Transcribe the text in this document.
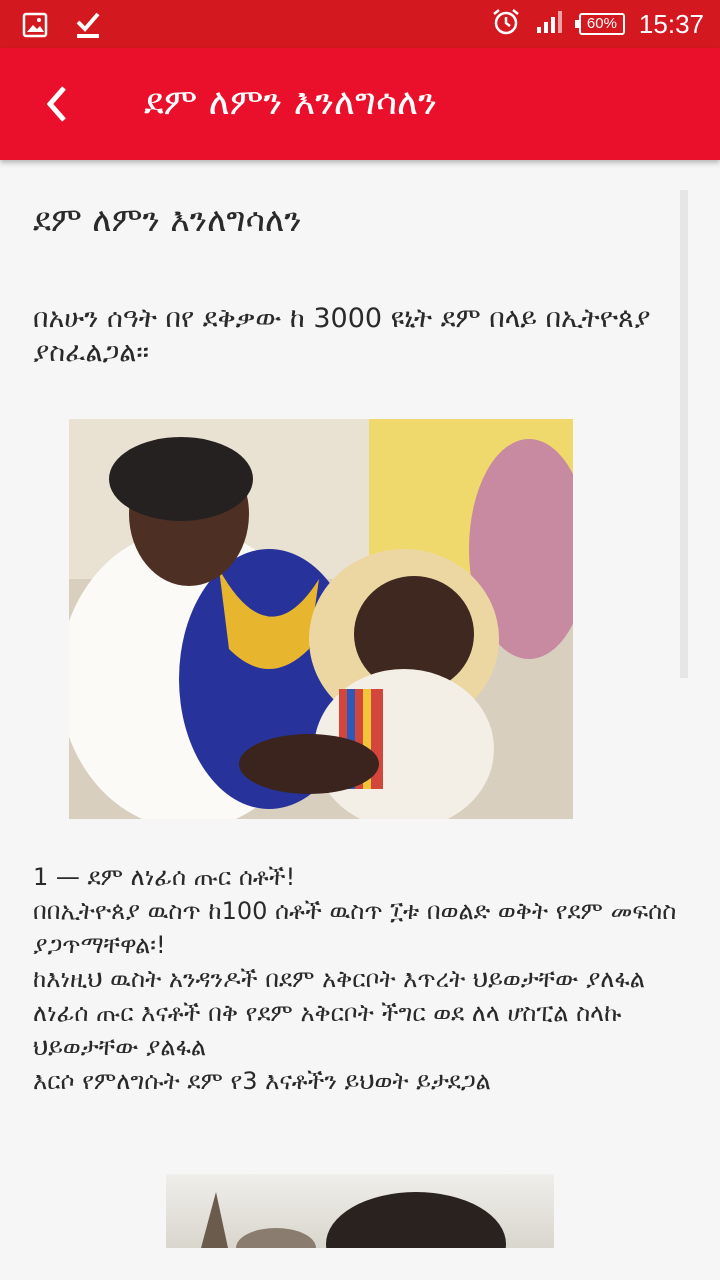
60% 15:37
ደም ለምን እንለግሳለን
ደም ለምን እንለግሳለን
በአሁን ሰዓት በየ ደቅቃው ከ 3000 ዩኒት ደም በላይ በኢትዮጰያ ያስፈልጋል።

1 — ደም ለነፊሰ ጡር ሰቶች!

በበኢትዮጰያ ዉስጥ ከ100 ሰቶች ዉስጥ ፲ቱ በወልድ ወቅት የደም መፍሰስ ያጋጥማቸዋል፡!

ከእነዚህ ዉስት አንዳንዶች በደም አቅርቦት እጥረት ህይወታቸው ያለፋል

ለነፊሰ ጡር እናቶች በቅ የደም አቅርቦት ችግር ወደ ለላ ሆስፒል ስላኩ ህይወታቸው ያልፋል

እርሶ የምለግሱት ደም የ3 እናቶችን ይህወት ይታደጋል
